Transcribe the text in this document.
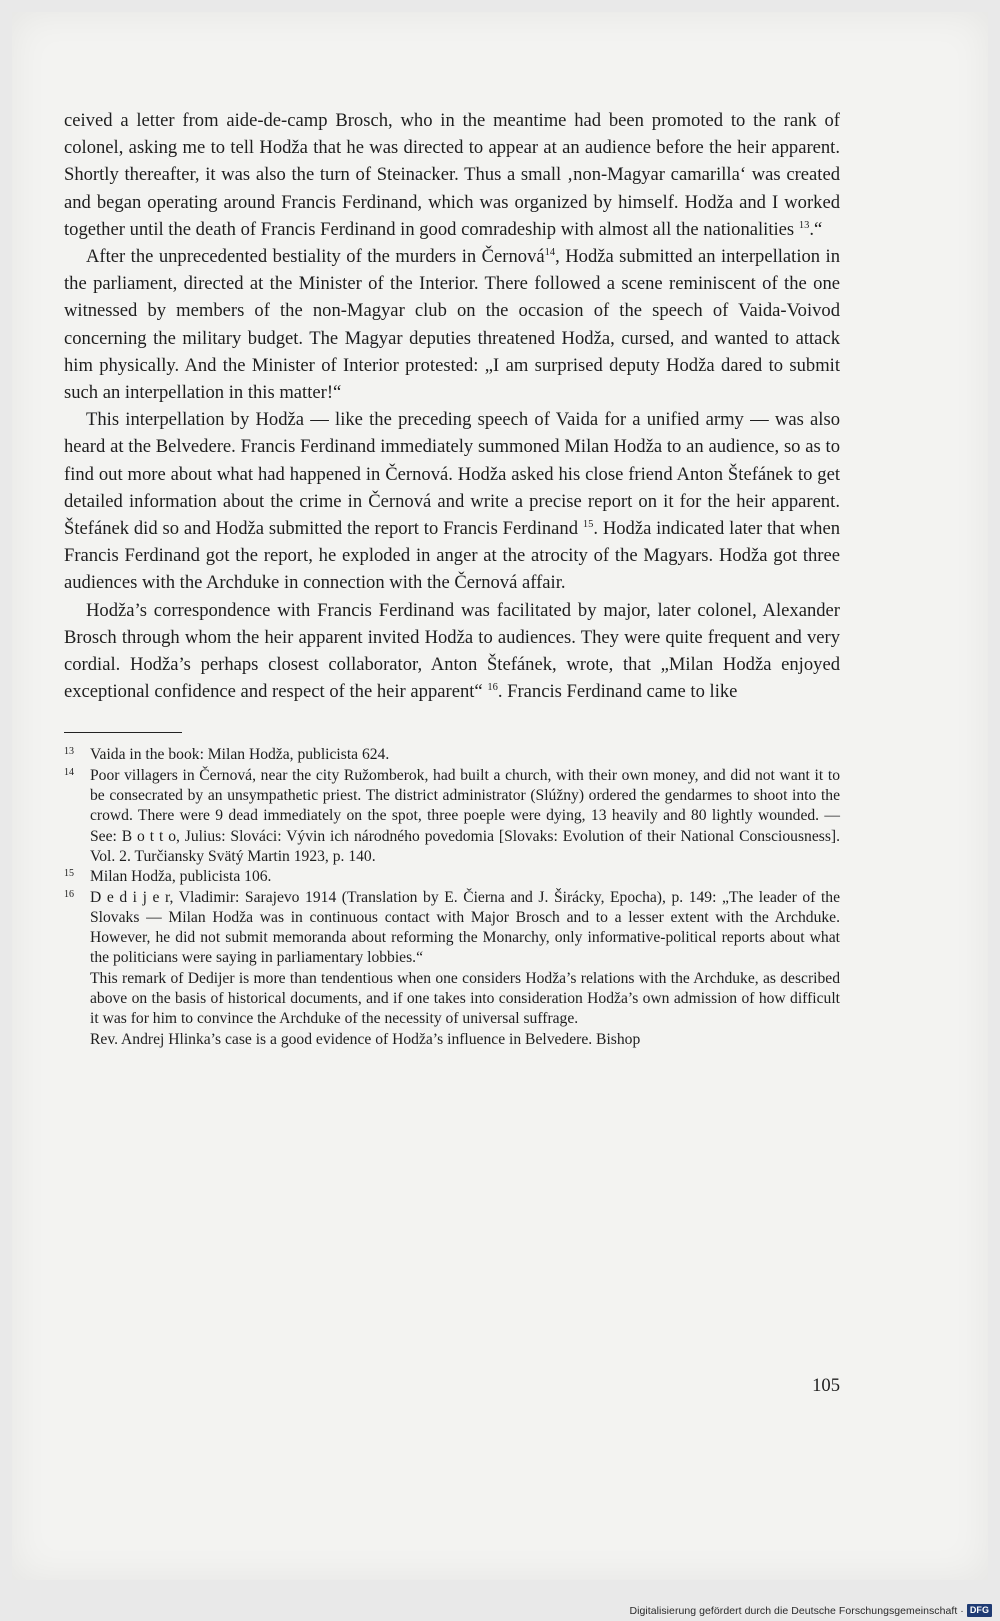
ceived a letter from aide-de-camp Brosch, who in the meantime had been promoted to the rank of colonel, asking me to tell Hodža that he was directed to appear at an audience before the heir apparent. Shortly thereafter, it was also the turn of Steinacker. Thus a small ‚non-Magyar camarilla‘ was created and began operating around Francis Ferdinand, which was organized by himself. Hodža and I worked together until the death of Francis Ferdinand in good comradeship with almost all the nationalities $^{13}$.“

After the unprecedented bestiality of the murders in Černová$^{14}$, Hodža submitted an interpellation in the parliament, directed at the Minister of the Interior. There followed a scene reminiscent of the one witnessed by members of the non-Magyar club on the occasion of the speech of Vaida-Voivod concerning the military budget. The Magyar deputies threatened Hodža, cursed, and wanted to attack him physically. And the Minister of Interior protested: „I am surprised deputy Hodža dared to submit such an interpellation in this matter!“

This interpellation by Hodža — like the preceding speech of Vaida for a unified army — was also heard at the Belvedere. Francis Ferdinand immediately summoned Milan Hodža to an audience, so as to find out more about what had happened in Černová. Hodža asked his close friend Anton Štefánek to get detailed information about the crime in Černová and write a precise report on it for the heir apparent. Štefánek did so and Hodža submitted the report to Francis Ferdinand $^{15}$. Hodža indicated later that when Francis Ferdinand got the report, he exploded in anger at the atrocity of the Magyars. Hodža got three audiences with the Archduke in connection with the Černová affair.

Hodža’s correspondence with Francis Ferdinand was facilitated by major, later colonel, Alexander Brosch through whom the heir apparent invited Hodža to audiences. They were quite frequent and very cordial. Hodža’s perhaps closest collaborator, Anton Štefánek, wrote, that „Milan Hodža enjoyed exceptional confidence and respect of the heir apparent“ $^{16}$. Francis Ferdinand came to like

13	Vaida in the book: Milan Hodža, publicista 624.

14	Poor villagers in Černová, near the city Ružomberok, had built a church, with their own money, and did not want it to be consecrated by an unsympathetic priest. The district administrator (Slúžny) ordered the gendarmes to shoot into the crowd. There were 9 dead immediately on the spot, three poeple were dying, 13 heavily and 80 lightly wounded. — See: B o t t o, Julius: Slováci: Vývin ich národného povedomia [Slovaks: Evolution of their National Consciousness]. Vol. 2. Turčiansky Svätý Martin 1923, p. 140.

15	Milan Hodža, publicista 106.

16	D e d i j e r, Vladimir: Sarajevo 1914 (Translation by E. Čierna and J. Širácky, Epocha), p. 149: „The leader of the Slovaks — Milan Hodža was in continuous contact with Major Brosch and to a lesser extent with the Archduke. However, he did not submit memoranda about reforming the Monarchy, only informative-political reports about what the politicians were saying in parliamentary lobbies.“

This remark of Dedijer is more than tendentious when one considers Hodža’s relations with the Archduke, as described above on the basis of historical documents, and if one takes into consideration Hodža’s own admission of how difficult it was for him to convince the Archduke of the necessity of universal suffrage.

Rev. Andrej Hlinka’s case is a good evidence of Hodža’s influence in Belvedere. Bishop

105
Digitalisierung gefördert durch die Deutsche Forschungsgemeinschaft · DFG
